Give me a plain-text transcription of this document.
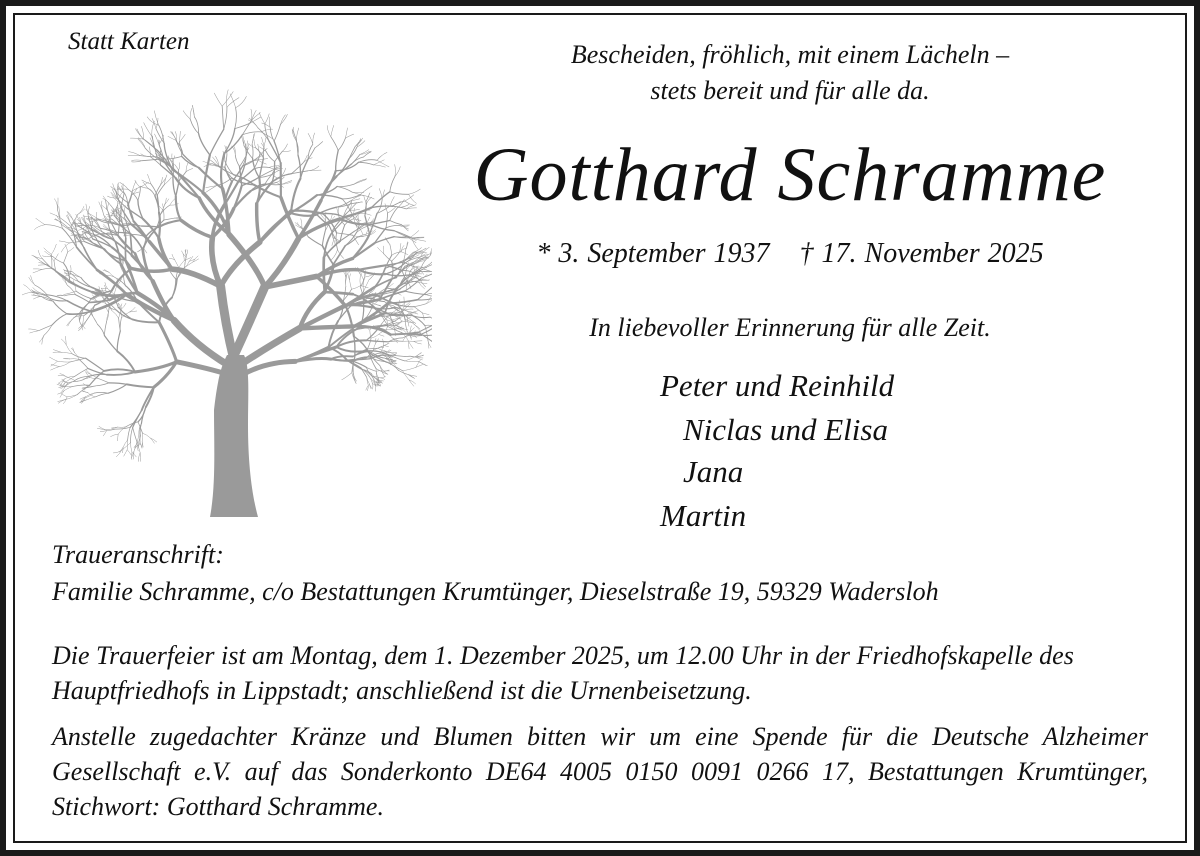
Statt Karten	Bescheiden, fröhlich, mit einem Lächeln –
stets bereit und für alle da.
Gotthard Schramme
* 3. September 1937 † 17. November 2025
In liebevoller Erinnerung für alle Zeit.
Peter und Reinhild
Niclas und Elisa
Jana
Martin
Traueranschrift:
Familie Schramme, c/o Bestattungen Krumtünger, Dieselstraße 19, 59329 Wadersloh
Die Trauerfeier ist am Montag, dem 1. Dezember 2025, um 12.00 Uhr in der Friedhofskapelle des Hauptfriedhofs in Lippstadt; anschließend ist die Urnenbeisetzung.
Anstelle zugedachter Kränze und Blumen bitten wir um eine Spende für die Deutsche Alzheimer Gesellschaft e.V. auf das Sonderkonto DE64 4005 0150 0091 0266 17, Bestattungen Krumtünger, Stichwort: Gotthard Schramme.
